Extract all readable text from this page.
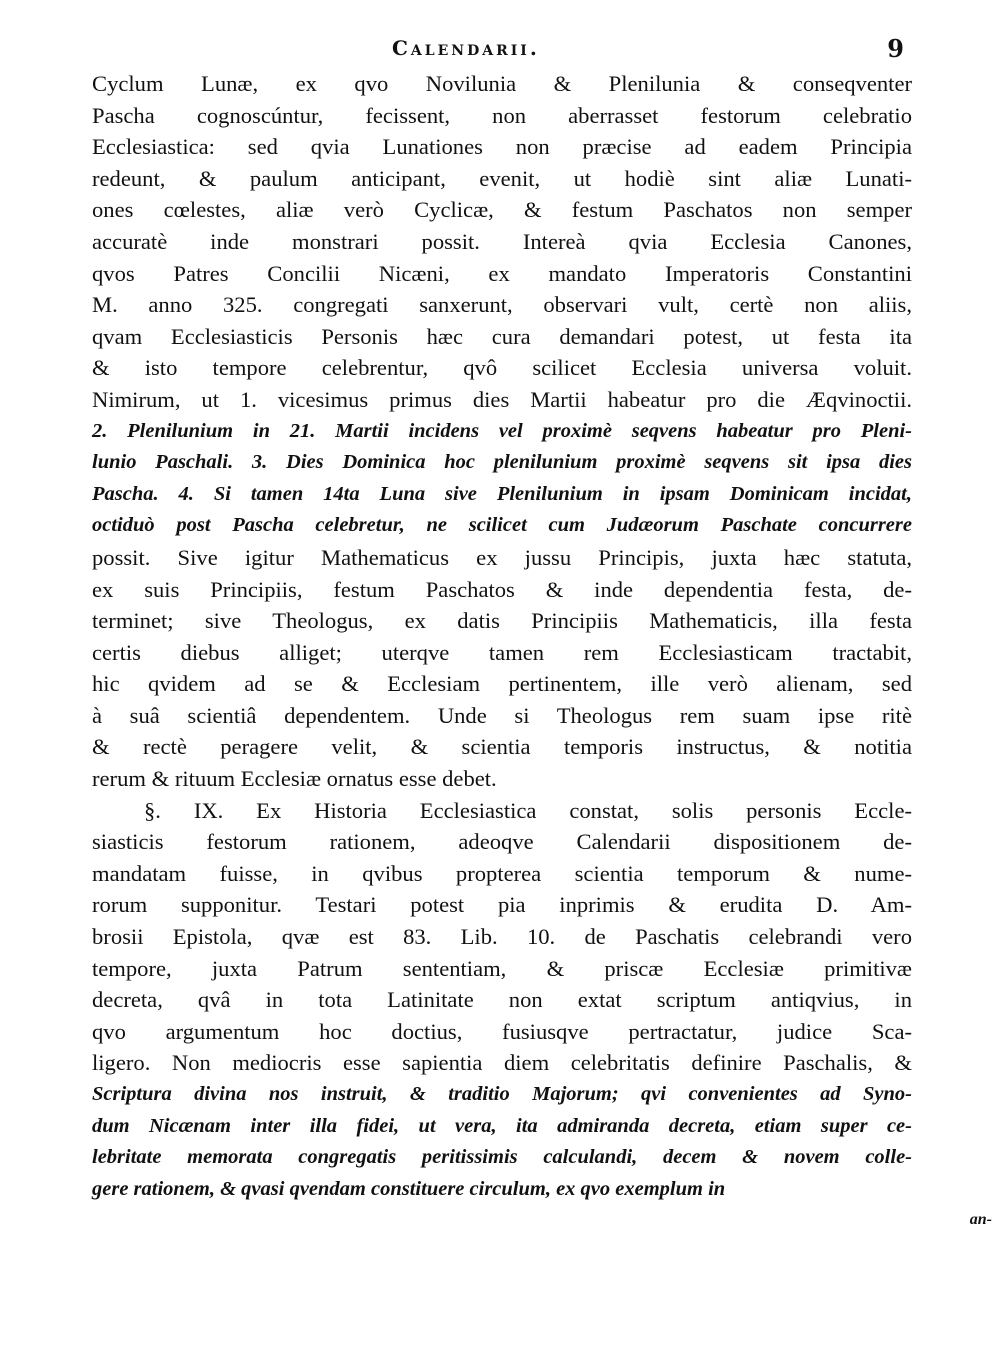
Calendarii.	9
Cyclum Lunæ, ex qvo Novilunia & Plenilunia & conseqventer
Pascha cognoscúntur, fecissent, non aberrasset festorum celebratio
Ecclesiastica: sed qvia Lunationes non præcise ad eadem Principia
redeunt, & paulum anticipant, evenit, ut hodiè sint aliæ Lunati-
ones cœlestes, aliæ verò Cyclicæ, & festum Paschatos non semper
accuratè inde monstrari possit. Intereà qvia Ecclesia Canones,
qvos Patres Concilii Nicæni, ex mandato Imperatoris Constantini
M. anno 325. congregati sanxerunt, observari vult, certè non aliis,
qvam Ecclesiasticis Personis hæc cura demandari potest, ut festa ita
& isto tempore celebrentur, qvô scilicet Ecclesia universa voluit.
Nimirum, ut 1. vicesimus primus dies Martii habeatur pro die Æqvinoctii.
2. Plenilunium in 21. Martii incidens vel proximè seqvens habeatur pro Pleni-
lunio Paschali. 3. Dies Dominica hoc plenilunium proximè seqvens sit ipsa dies
Pascha. 4. Si tamen 14ta Luna sive Plenilunium in ipsam Dominicam incidat,
octiduò post Pascha celebretur, ne scilicet cum Judæorum Paschate concurrere
possit. Sive igitur Mathematicus ex jussu Principis, juxta hæc statuta,
ex suis Principiis, festum Paschatos & inde dependentia festa, de-
terminet; sive Theologus, ex datis Principiis Mathematicis, illa festa
certis diebus alliget; uterqve tamen rem Ecclesiasticam tractabit,
hic qvidem ad se & Ecclesiam pertinentem, ille verò alienam, sed
à suâ scientiâ dependentem. Unde si Theologus rem suam ipse ritè
& rectè peragere velit, & scientia temporis instructus, & notitia
rerum & rituum Ecclesiæ ornatus esse debet.
§. IX. Ex Historia Ecclesiastica constat, solis personis Eccle-
siasticis festorum rationem, adeoqve Calendarii dispositionem de-
mandatam fuisse, in qvibus propterea scientia temporum & nume-
rorum supponitur. Testari potest pia inprimis & erudita D. Am-
brosii Epistola, qvæ est 83. Lib. 10. de Paschatis celebrandi vero
tempore, juxta Patrum sententiam, & priscæ Ecclesiæ primitivæ
decreta, qvâ in tota Latinitate non extat scriptum antiqvius, in
qvo argumentum hoc doctius, fusiusqve pertractatur, judice Sca-
ligero. Non mediocris esse sapientia diem celebritatis definire Paschalis, &
Scriptura divina nos instruit, & traditio Majorum; qvi convenientes ad Syno-
dum Nicænam inter illa fidei, ut vera, ita admiranda decreta, etiam super ce-
lebritate memorata congregatis peritissimis calculandi, decem & novem colle-
gere rationem, & qvasi qvendam constituere circulum, ex qvo exemplum in
an-
